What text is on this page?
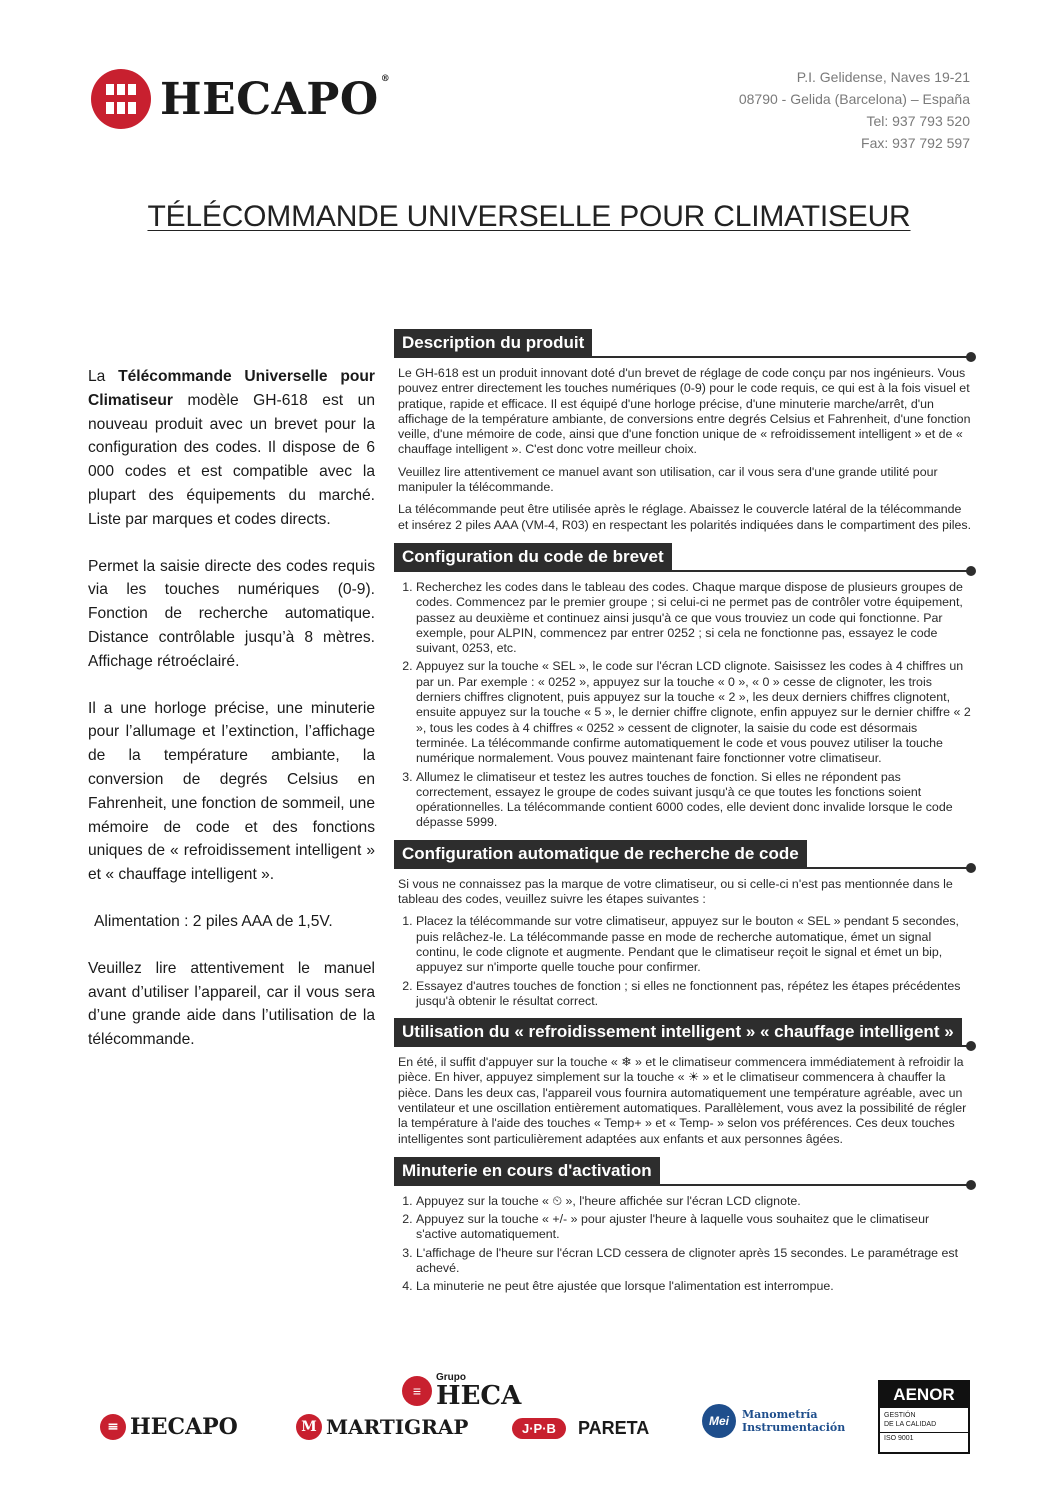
HECAPO ®	P.I. Gelidense, Naves 19-21
08790 - Gelida (Barcelona) – España
Tel: 937 793 520
Fax: 937 792 597
TÉLÉCOMMANDE UNIVERSELLE POUR CLIMATISEUR

La Télécommande Universelle pour Climatiseur modèle GH-618 est un nouveau produit avec un brevet pour la configuration des codes. Il dispose de 6 000 codes et est compatible avec la plupart des équipements du marché. Liste par marques et codes directs.

Permet la saisie directe des codes requis via les touches numériques (0-9). Fonction de recherche automatique. Distance contrôlable jusqu’à 8 mètres. Affichage rétroéclairé.

Il a une horloge précise, une minuterie pour l’allumage et l’extinction, l’affichage de la température ambiante, la conversion de degrés Celsius en Fahrenheit, une fonction de sommeil, une mémoire de code et des fonctions uniques de « refroidissement intelligent » et « chauffage intelligent ».

Alimentation : 2 piles AAA de 1,5V.

Veuillez lire attentivement le manuel avant d’utiliser l’appareil, car il vous sera d’une grande aide dans l’utilisation de la télécommande.

Description du produit

Le GH-618 est un produit innovant doté d'un brevet de réglage de code conçu par nos ingénieurs. Vous pouvez entrer directement les touches numériques (0-9) pour le code requis, ce qui est à la fois visuel et pratique, rapide et efficace. Il est équipé d'une horloge précise, d'une minuterie marche/arrêt, d'un affichage de la température ambiante, de conversions entre degrés Celsius et Fahrenheit, d'une fonction veille, d'une mémoire de code, ainsi que d'une fonction unique de « refroidissement intelligent » et de « chauffage intelligent ». C'est donc votre meilleur choix.

Veuillez lire attentivement ce manuel avant son utilisation, car il vous sera d'une grande utilité pour manipuler la télécommande.

La télécommande peut être utilisée après le réglage. Abaissez le couvercle latéral de la télécommande et insérez 2 piles AAA (VM-4, R03) en respectant les polarités indiquées dans le compartiment des piles.

Configuration du code de brevet
1. Recherchez les codes dans le tableau des codes. Chaque marque dispose de plusieurs groupes de codes. Commencez par le premier groupe ; si celui-ci ne permet pas de contrôler votre équipement, passez au deuxième et continuez ainsi jusqu'à ce que vous trouviez un code qui fonctionne. Par exemple, pour ALPIN, commencez par entrer 0252 ; si cela ne fonctionne pas, essayez le code suivant, 0253, etc.
2. Appuyez sur la touche « SEL », le code sur l'écran LCD clignote. Saisissez les codes à 4 chiffres un par un. Par exemple : « 0252 », appuyez sur la touche « 0 », « 0 » cesse de clignoter, les trois derniers chiffres clignotent, puis appuyez sur la touche « 2 », les deux derniers chiffres clignotent, ensuite appuyez sur la touche « 5 », le dernier chiffre clignote, enfin appuyez sur le dernier chiffre « 2 », tous les codes à 4 chiffres « 0252 » cessent de clignoter, la saisie du code est désormais terminée. La télécommande confirme automatiquement le code et vous pouvez utiliser la touche numérique normalement. Vous pouvez maintenant faire fonctionner votre climatiseur.
3. Allumez le climatiseur et testez les autres touches de fonction. Si elles ne répondent pas correctement, essayez le groupe de codes suivant jusqu'à ce que toutes les fonctions soient opérationnelles. La télécommande contient 6000 codes, elle devient donc invalide lorsque le code dépasse 5999.
Configuration automatique de recherche de code

Si vous ne connaissez pas la marque de votre climatiseur, ou si celle-ci n'est pas mentionnée dans le tableau des codes, veuillez suivre les étapes suivantes :

1. Placez la télécommande sur votre climatiseur, appuyez sur le bouton « SEL » pendant 5 secondes, puis relâchez-le. La télécommande passe en mode de recherche automatique, émet un signal continu, le code clignote et augmente. Pendant que le climatiseur reçoit le signal et émet un bip, appuyez sur n'importe quelle touche pour confirmer.
2. Essayez d'autres touches de fonction ; si elles ne fonctionnent pas, répétez les étapes précédentes jusqu'à obtenir le résultat correct.
Utilisation du « refroidissement intelligent » « chauffage intelligent »

En été, il suffit d'appuyer sur la touche « ❄ » et le climatiseur commencera immédiatement à refroidir la pièce. En hiver, appuyez simplement sur la touche « ☀ » et le climatiseur commencera à chauffer la pièce. Dans les deux cas, l'appareil vous fournira automatiquement une température agréable, avec un ventilateur et une oscillation entièrement automatiques. Parallèlement, vous avez la possibilité de régler la température à l'aide des touches « Temp+ » et « Temp- » selon vos préférences. Ces deux touches intelligentes sont particulièrement adaptées aux enfants et aux personnes âgées.

Minuterie en cours d'activation
1. Appuyez sur la touche « ⏲ », l'heure affichée sur l'écran LCD clignote.
2. Appuyez sur la touche « +/- » pour ajuster l'heure à laquelle vous souhaitez que le climatiseur s'active automatiquement.
3. L'affichage de l'heure sur l'écran LCD cessera de clignoter après 15 secondes. Le paramétrage est achevé.
4. La minuterie ne peut être ajustée que lorsque l'alimentation est interrompue.
≡
Grupo
HECA
≡ HECAPO	M MARTIGRAP	J·P·B	PARETA	Mei	Manometría
Instrumentación
AENOR
GESTIÓN
DE LA CALIDAD
ISO 9001
